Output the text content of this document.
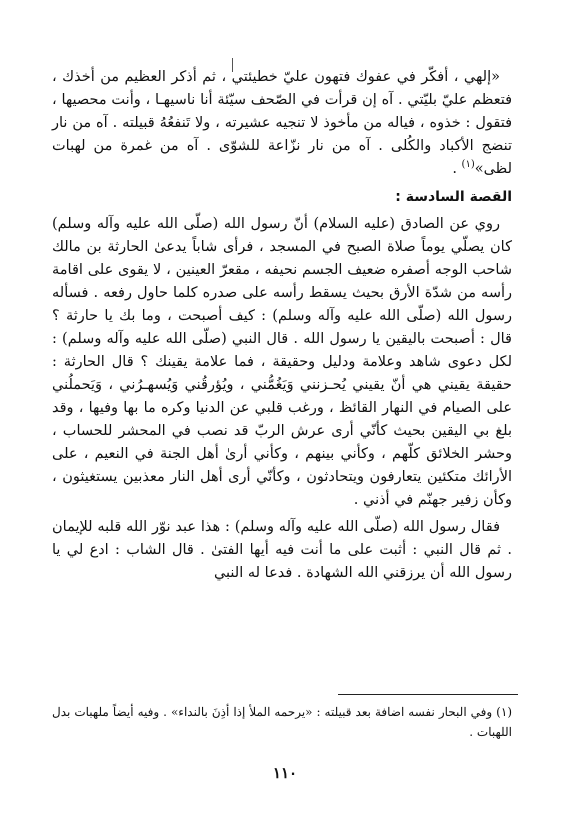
«إلهي ، أفكّر في عفوك فتهون عليّ خطيئتي ، ثم أذكر العظيم من أخذك ، فتعظم عليّ بليّتي . آه إن قرأت في الصّحف سيّئة أنا ناسيهـا ، وأنت محصيها ، فتقول : خذوه ، فياله من مأخوذ لا تنجيه عشيرته ، ولا تَنفعُهُ قبيلته . آه من نار تنضج الأكباد والكُلى . آه من نار نزّاعة للشوّى . آه من غمرة من لهبات لظى»$^{(١)}$ .

القصة السادسة :

روي عن الصادق (عليه السلام) أنّ رسول الله (صلّى الله عليه وآله وسلم) كان يصلّي يوماً صلاة الصبح في المسجد ، فرأى شاباً يدعىٰ الحارثة بن مالك شاحب الوجه أصفره ضعيف الجسم نحيفه ، مقعرّ العينين ، لا يقوى على اقامة رأسه من شدّة الأرق بحيث يسقط رأسه على صدره كلما حاول رفعه . فسأله رسول الله (صلّى الله عليه وآله وسلم) : كيف أصبحت ، وما بك يا حارثة ؟ قال : أصبحت باليقين يا رسول الله . قال النبي (صلّى الله عليه وآله وسلم) : لكل دعوى شاهد وعلامة ودليل وحقيقة ، فما علامة يقينك ؟ قال الحارثة : حقيقة يقيني هي أنّ يقيني يُحـزنني وَيَغُمُّني ، ويُؤرقُني وَيُسهـرُني ، وَيَحملُني على الصيام في النهار القائظ ، ورغب قلبي عن الدنيا وكره ما بها وفيها ، وقد بلغ بي اليقين بحيث كأنّي أرى عرش الربّ قد نصب في المحشر للحساب ، وحشر الخلائق كلّهم ، وكأني بينهم ، وكأني أرىٰ أهل الجنة في النعيم ، على الأرائك متكئين يتعارفون ويتحادثون ، وكأنّي أرى أهل النار معذبين يستغيثون ، وكأن زفير جهنّم في أذني .

فقال رسول الله (صلّى الله عليه وآله وسلم) : هذا عبد نوّر الله قلبه للإيمان . ثم قال النبي : أثبت على ما أنت فيه أيها الفتىٰ . قال الشاب : ادع لي يا رسول الله أن يرزقني الله الشهادة . فدعا له النبي

(١) وفي البحار نفسه اضافة بعد قبيلته : «يرحمه الملأ إذا أذِنَ بالنداء» . وفيه أيضاً ملهبات بدل اللهبات .
١١٠
